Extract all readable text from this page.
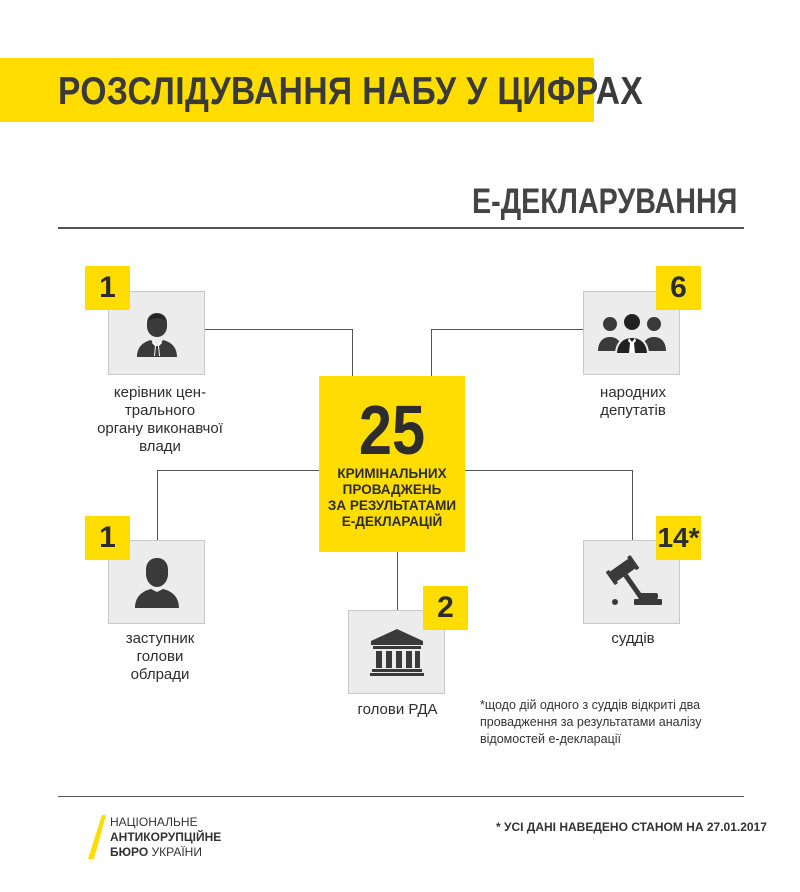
РОЗСЛІДУВАННЯ НАБУ У ЦИФРАХ
Е-ДЕКЛАРУВАННЯ
25
КРИМІНАЛЬНИХ
ПРОВАДЖЕНЬ
ЗА РЕЗУЛЬТАТАМИ
Е-ДЕКЛАРАЦІЙ
1
керівник цен-
трального
органу виконавчої
влади
6
народних
депутатів
1
заступник
голови
облради
2
голови РДА
14*
суддів
*щодо дій одного з суддів відкриті два
провадження за результатами аналізу
відомостей е-декларації
НАЦІОНАЛЬНЕ
АНТИКОРУПЦІЙНЕ
БЮРО УКРАЇНИ
* УСІ ДАНІ НАВЕДЕНО СТАНОМ НА 27.01.2017
